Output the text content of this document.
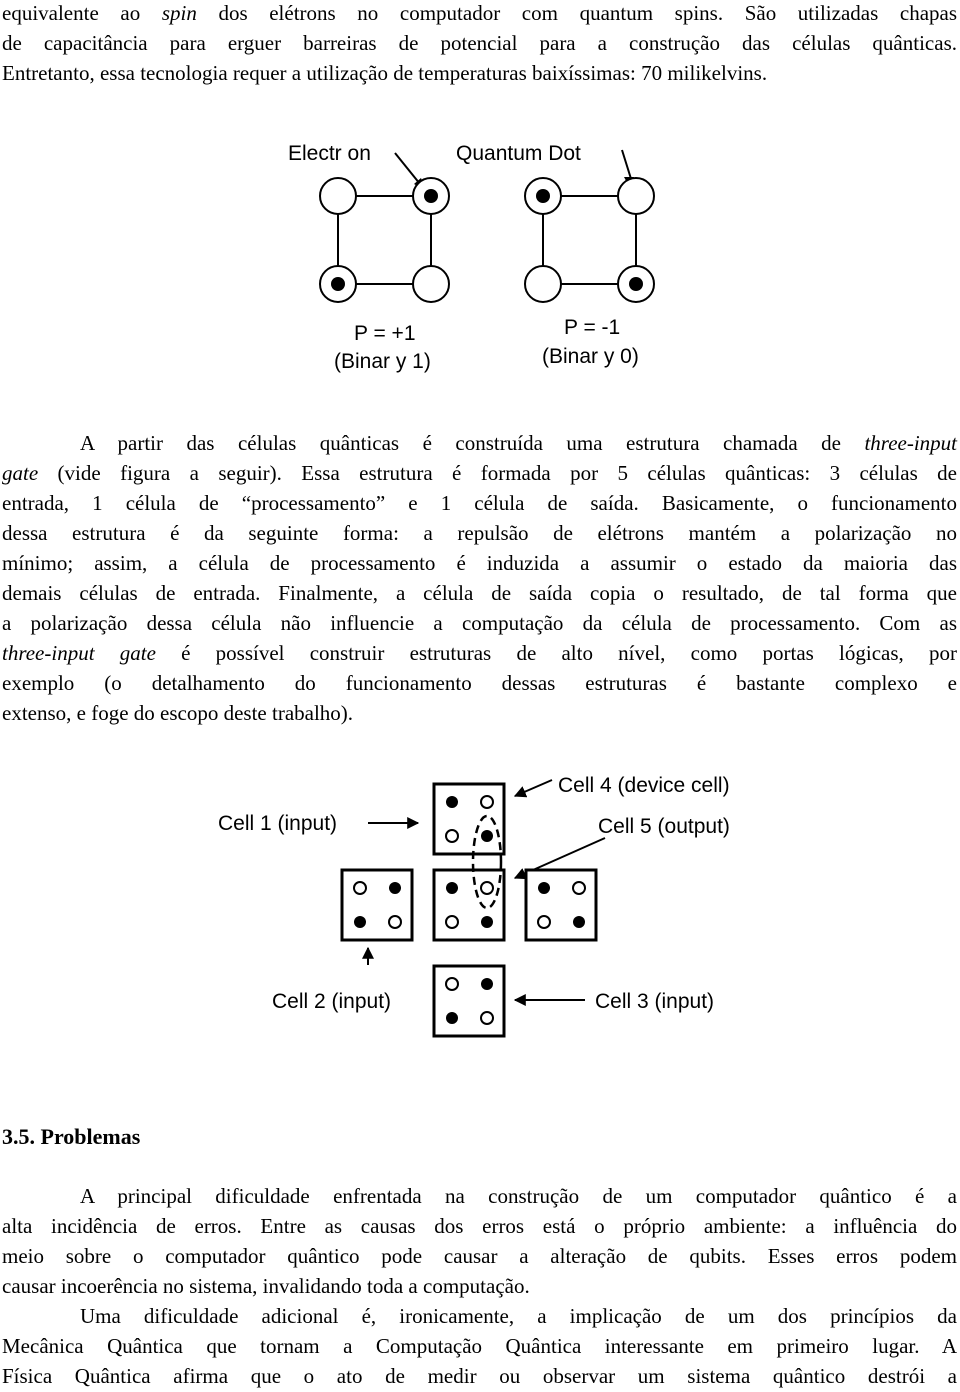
equivalente ao spin dos elétrons no computador com quantum spins. São utilizadas chapas
de capacitância para erguer barreiras de potencial para a construção das células quânticas.
Entretanto, essa tecnologia requer a utilização de temperaturas baixíssimas: 70 milikelvins.
Electr on	Quantum Dot
P = +1
(Binar y 1)
P = -1
(Binar y 0)
A partir das células quânticas é construída uma estrutura chamada de three-input
gate (vide figura a seguir). Essa estrutura é formada por 5 células quânticas: 3 células de
entrada, 1 célula de “processamento” e 1 célula de saída. Basicamente, o funcionamento
dessa estrutura é da seguinte forma: a repulsão de elétrons mantém a polarização no
mínimo; assim, a célula de processamento é induzida a assumir o estado da maioria das
demais células de entrada. Finalmente, a célula de saída copia o resultado, de tal forma que
a polarização dessa célula não influencie a computação da célula de processamento. Com as
three-input gate é possível construir estruturas de alto nível, como portas lógicas, por
exemplo (o detalhamento do funcionamento dessas estruturas é bastante complexo e
extenso, e foge do escopo deste trabalho).
Cell 1 (input)
Cell 2 (input)	Cell 3 (input)
Cell 4 (device cell)
Cell 5 (output)
3.5. Problemas
A principal dificuldade enfrentada na construção de um computador quântico é a
alta incidência de erros. Entre as causas dos erros está o próprio ambiente: a influência do
meio sobre o computador quântico pode causar a alteração de qubits. Esses erros podem
causar incoerência no sistema, invalidando toda a computação.
Uma dificuldade adicional é, ironicamente, a implicação de um dos princípios da
Mecânica Quântica que tornam a Computação Quântica interessante em primeiro lugar. A
Física Quântica afirma que o ato de medir ou observar um sistema quântico destrói a
